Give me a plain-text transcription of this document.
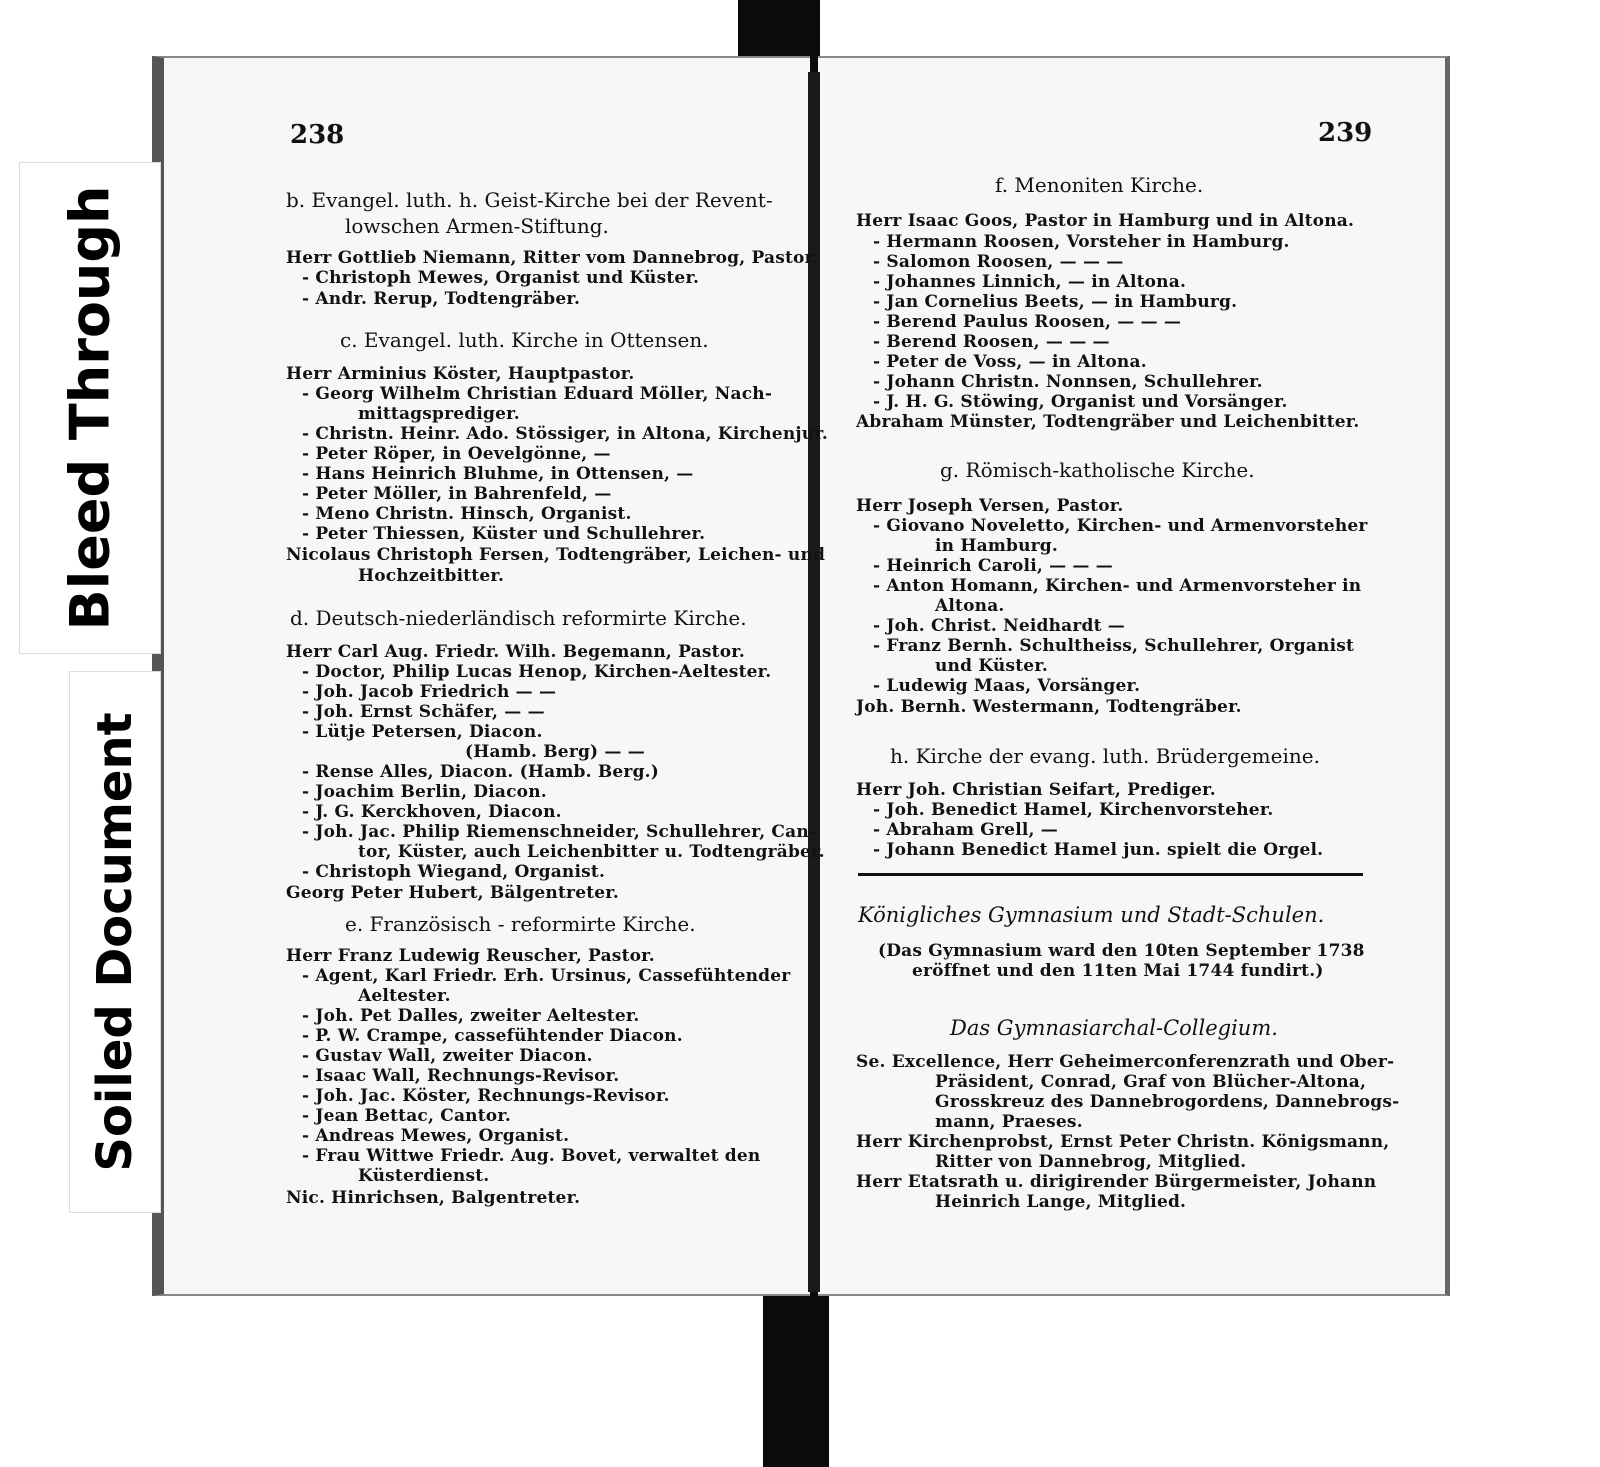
Bleed Through
Soiled Document
238	239
b. Evangel. luth. h. Geist-Kirche bei der Revent-
lowschen Armen-Stiftung.
Herr Gottlieb Niemann, Ritter vom Dannebrog, Pastor.
- Christoph Mewes, Organist und Küster.
- Andr. Rerup, Todtengräber.
c. Evangel. luth. Kirche in Ottensen.
Herr Arminius Köster, Hauptpastor.
- Georg Wilhelm Christian Eduard Möller, Nach-
mittagsprediger.
- Christn. Heinr. Ado. Stössiger, in Altona, Kirchenjur.
- Peter Röper, in Oevelgönne, —
- Hans Heinrich Bluhme, in Ottensen, —
- Peter Möller, in Bahrenfeld, —
- Meno Christn. Hinsch, Organist.
- Peter Thiessen, Küster und Schullehrer.
Nicolaus Christoph Fersen, Todtengräber, Leichen- und
Hochzeitbitter.
d. Deutsch-niederländisch reformirte Kirche.
Herr Carl Aug. Friedr. Wilh. Begemann, Pastor.
- Doctor, Philip Lucas Henop, Kirchen-Aeltester.
- Joh. Jacob Friedrich — —
- Joh. Ernst Schäfer, — —
- Lütje Petersen, Diacon.
(Hamb. Berg) — —
- Rense Alles, Diacon. (Hamb. Berg.)
- Joachim Berlin, Diacon.
- J. G. Kerckhoven, Diacon.
- Joh. Jac. Philip Riemenschneider, Schullehrer, Can-
tor, Küster, auch Leichenbitter u. Todtengräber.
- Christoph Wiegand, Organist.
Georg Peter Hubert, Bälgentreter.
e. Französisch - reformirte Kirche.
Herr Franz Ludewig Reuscher, Pastor.
- Agent, Karl Friedr. Erh. Ursinus, Cassefühtender
Aeltester.
- Joh. Pet Dalles, zweiter Aeltester.
- P. W. Crampe, cassefühtender Diacon.
- Gustav Wall, zweiter Diacon.
- Isaac Wall, Rechnungs-Revisor.
- Joh. Jac. Köster, Rechnungs-Revisor.
- Jean Bettac, Cantor.
- Andreas Mewes, Organist.
- Frau Wittwe Friedr. Aug. Bovet, verwaltet den
Küsterdienst.
Nic. Hinrichsen, Balgentreter.
f. Menoniten Kirche.
Herr Isaac Goos, Pastor in Hamburg und in Altona.
- Hermann Roosen, Vorsteher in Hamburg.
- Salomon Roosen, — — —
- Johannes Linnich, — in Altona.
- Jan Cornelius Beets, — in Hamburg.
- Berend Paulus Roosen, — — —
- Berend Roosen, — — —
- Peter de Voss, — in Altona.
- Johann Christn. Nonnsen, Schullehrer.
- J. H. G. Stöwing, Organist und Vorsänger.
Abraham Münster, Todtengräber und Leichenbitter.
g. Römisch-katholische Kirche.
Herr Joseph Versen, Pastor.
- Giovano Noveletto, Kirchen- und Armenvorsteher
in Hamburg.
- Heinrich Caroli, — — —
- Anton Homann, Kirchen- und Armenvorsteher in
Altona.
- Joh. Christ. Neidhardt —
- Franz Bernh. Schultheiss, Schullehrer, Organist
und Küster.
- Ludewig Maas, Vorsänger.
Joh. Bernh. Westermann, Todtengräber.
h. Kirche der evang. luth. Brüdergemeine.
Herr Joh. Christian Seifart, Prediger.
- Joh. Benedict Hamel, Kirchenvorsteher.
- Abraham Grell, —
- Johann Benedict Hamel jun. spielt die Orgel.
Königliches Gymnasium und Stadt-Schulen.
(Das Gymnasium ward den 10ten September 1738
eröffnet und den 11ten Mai 1744 fundirt.)
Das Gymnasiarchal-Collegium.
Se. Excellence, Herr Geheimerconferenzrath und Ober-
Präsident, Conrad, Graf von Blücher-Altona,
Grosskreuz des Dannebrogordens, Dannebrogs-
mann, Praeses.
Herr Kirchenprobst, Ernst Peter Christn. Königsmann,
Ritter von Dannebrog, Mitglied.
Herr Etatsrath u. dirigirender Bürgermeister, Johann
Heinrich Lange, Mitglied.
